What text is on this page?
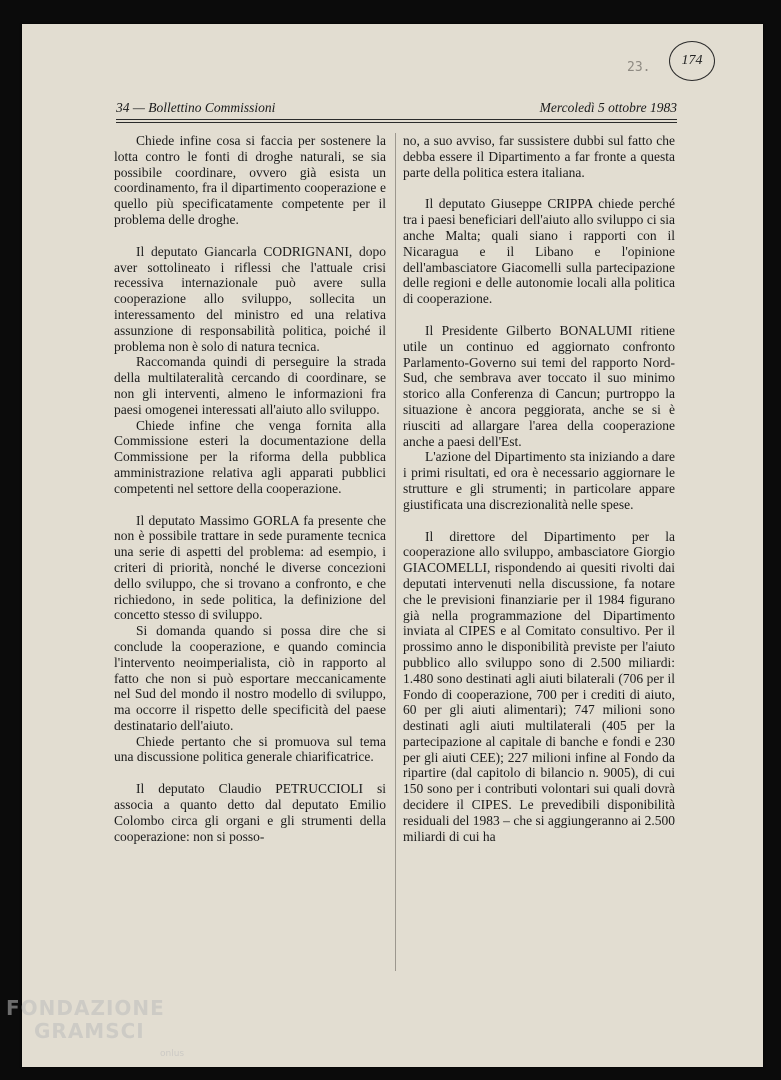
23.	174
34 — Bollettino Commissioni	Mercoledì 5 ottobre 1983

Chiede infine cosa si faccia per sostenere la lotta contro le fonti di droghe naturali, se sia possibile coordinare, ovvero già esista un coordinamento, fra il dipartimento cooperazione e quello più specificatamente competente per il problema delle droghe.

Il deputato Giancarla CODRIGNANI, dopo aver sottolineato i riflessi che l'attuale crisi recessiva internazionale può avere sulla cooperazione allo sviluppo, sollecita un interessamento del ministro ed una relativa assunzione di responsabilità politica, poiché il problema non è solo di natura tecnica.

Raccomanda quindi di perseguire la strada della multilateralità cercando di coordinare, se non gli interventi, almeno le informazioni fra paesi omogenei interessati all'aiuto allo sviluppo.

Chiede infine che venga fornita alla Commissione esteri la documentazione della Commissione per la riforma della pubblica amministrazione relativa agli apparati pubblici competenti nel settore della cooperazione.

Il deputato Massimo GORLA fa presente che non è possibile trattare in sede puramente tecnica una serie di aspetti del problema: ad esempio, i criteri di priorità, nonché le diverse concezioni dello sviluppo, che si trovano a confronto, e che richiedono, in sede politica, la definizione del concetto stesso di sviluppo.

Si domanda quando si possa dire che si conclude la cooperazione, e quando comincia l'intervento neoimperialista, ciò in rapporto al fatto che non si può esportare meccanicamente nel Sud del mondo il nostro modello di sviluppo, ma occorre il rispetto delle specificità del paese destinatario dell'aiuto.

Chiede pertanto che si promuova sul tema una discussione politica generale chiarificatrice.

Il deputato Claudio PETRUCCIOLI si associa a quanto detto dal deputato Emilio Colombo circa gli organi e gli strumenti della cooperazione: non si posso-

no, a suo avviso, far sussistere dubbi sul fatto che debba essere il Dipartimento a far fronte a questa parte della politica estera italiana.

Il deputato Giuseppe CRIPPA chiede perché tra i paesi beneficiari dell'aiuto allo sviluppo ci sia anche Malta; quali siano i rapporti con il Nicaragua e il Libano e l'opinione dell'ambasciatore Giacomelli sulla partecipazione delle regioni e delle autonomie locali alla politica di cooperazione.

Il Presidente Gilberto BONALUMI ritiene utile un continuo ed aggiornato confronto Parlamento-Governo sui temi del rapporto Nord-Sud, che sembrava aver toccato il suo minimo storico alla Conferenza di Cancun; purtroppo la situazione è ancora peggiorata, anche se si è riusciti ad allargare l'area della cooperazione anche a paesi dell'Est.

L'azione del Dipartimento sta iniziando a dare i primi risultati, ed ora è necessario aggiornare le strutture e gli strumenti; in particolare appare giustificata una discrezionalità nelle spese.

Il direttore del Dipartimento per la cooperazione allo sviluppo, ambasciatore Giorgio GIACOMELLI, rispondendo ai quesiti rivolti dai deputati intervenuti nella discussione, fa notare che le previsioni finanziarie per il 1984 figurano già nella programmazione del Dipartimento inviata al CIPES e al Comitato consultivo. Per il prossimo anno le disponibilità previste per l'aiuto pubblico allo sviluppo sono di 2.500 miliardi: 1.480 sono destinati agli aiuti bilaterali (706 per il Fondo di cooperazione, 700 per i crediti di aiuto, 60 per gli aiuti alimentari); 747 milioni sono destinati agli aiuti multilaterali (405 per la partecipazione al capitale di banche e fondi e 230 per gli aiuti CEE); 227 milioni infine al Fondo da ripartire (dal capitolo di bilancio n. 9005), di cui 150 sono per i contributi volontari sui quali dovrà decidere il CIPES. Le prevedibili disponibilità residuali del 1983 – che si aggiungeranno ai 2.500 miliardi di cui ha

FONDAZIONE
GRAMSCI
onlus
